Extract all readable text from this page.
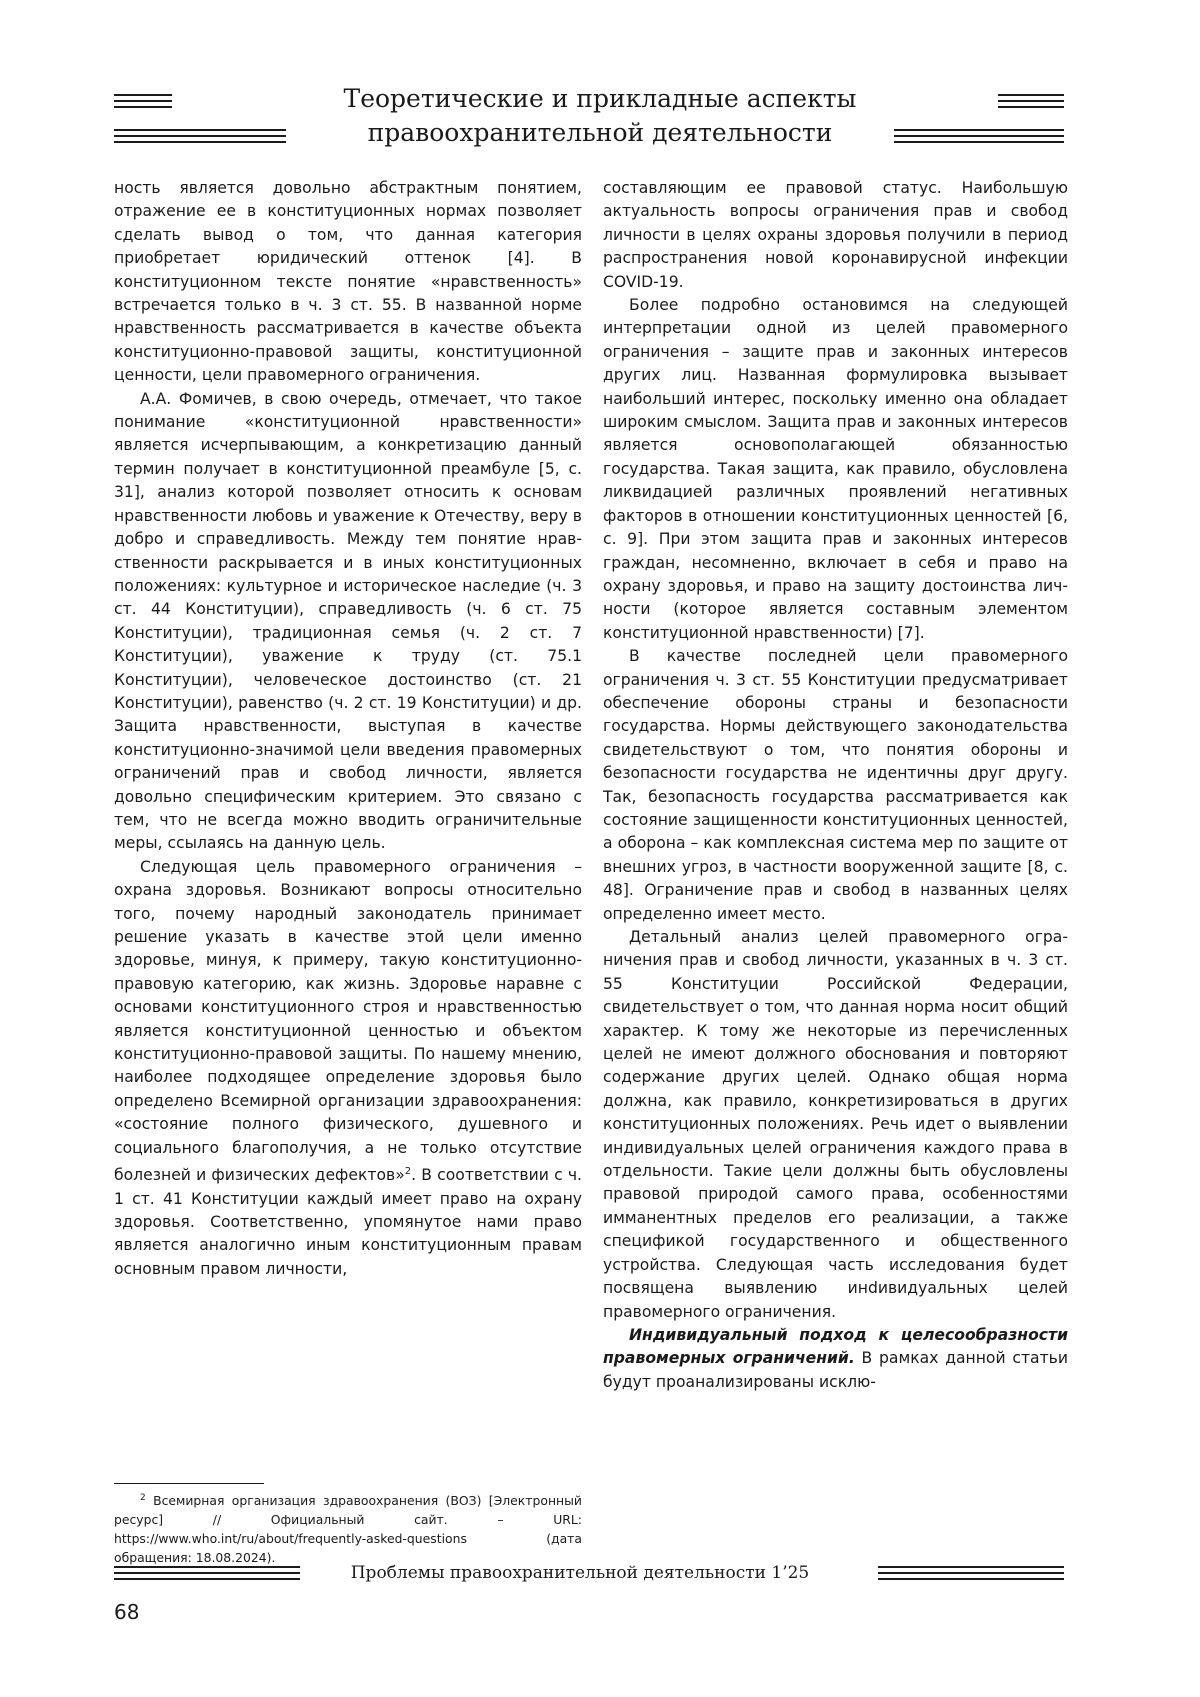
Теоретические и прикладные аспекты
правоохранительной деятельности

ность является довольно абстрактным понятием, отражение ее в конституционных нормах позволяет сделать вывод о том, что данная категория приобретает юридический оттенок [4]. В конституционном тексте понятие «нравственность» встречается только в ч. 3 ст. 55. В названной норме нравственность рассматривается в качестве объекта конституционно-правовой защиты, конституционной ценности, цели правомерного ограничения.

А.А. Фомичев, в свою очередь, отмечает, что такое понимание «конституционной нравственности» является исчерпывающим, а конкретизацию данный термин получает в конституционной преамбуле [5, с. 31], анализ которой позволяет относить к основам нравственности любовь и уважение к Отечеству, веру в добро и справедливость. Между тем понятие нравственности раскрывается и в иных конституционных положениях: культурное и историческое наследие (ч. 3 ст. 44 Конституции), справедливость (ч. 6 ст. 75 Конституции), традиционная семья (ч. 2 ст. 7 Конституции), уважение к труду (ст. 75.1 Конституции), человеческое достоинство (ст. 21 Конституции), равенство (ч. 2 ст. 19 Конституции) и др. Защита нравственности, выступая в качестве конституционно-значимой цели введения правомерных ограничений прав и свобод личности, является довольно специфическим критерием. Это связано с тем, что не всегда можно вводить ограничительные меры, ссылаясь на данную цель.

Следующая цель правомерного ограничения – охрана здоровья. Возникают вопросы относительно того, почему народный законодатель принимает решение указать в качестве этой цели именно здоровье, минуя, к примеру, такую конституционно-правовую категорию, как жизнь. Здоровье наравне с основами конституционного строя и нравственностью является конституционной ценностью и объектом конституционно-правовой защиты. По нашему мнению, наиболее подходящее определение здоровья было определено Всемирной организации здравоохранения: «состояние полного физического, душевного и социального благополучия, а не только отсутствие болезней и физических дефектов»$^2$. В соответствии с ч. 1 ст. 41 Конституции каждый имеет право на охрану здоровья. Соответственно, упомянутое нами право является аналогично иным конституционным правам основным правом личности,

$^2$ Всемирная организация здравоохранения (ВОЗ) [Электронный ресурс] // Официальный сайт. – URL: https://www.who.int/ru/about/frequently-asked-questions (дата обращения: 18.08.2024).

составляющим ее правовой статус. Наибольшую актуальность вопросы ограничения прав и свобод личности в целях охраны здоровья получили в период распространения новой коронавирусной инфекции COVID-19.

Более подробно остановимся на следующей интерпретации одной из целей правомерного ограничения – защите прав и законных интересов других лиц. Названная формулировка вызывает наибольший интерес, поскольку именно она обладает широким смыслом. Защита прав и законных интересов является основополагающей обязанностью государства. Такая защита, как правило, обусловлена ликвидацией различных проявлений негативных факторов в отношении конституционных ценностей [6, с. 9]. При этом защита прав и законных интересов граждан, несомненно, включает в себя и право на охрану здоровья, и право на защиту достоинства личности (которое является составным элементом конституционной нравственности) [7].

В качестве последней цели правомерного ограничения ч. 3 ст. 55 Конституции предусматривает обеспечение обороны страны и безопасности государства. Нормы действующего законодательства свидетельствуют о том, что понятия обороны и безопасности государства не идентичны друг другу. Так, безопасность государства рассматривается как состояние защищенности конституционных ценностей, а оборона – как комплексная система мер по защите от внешних угроз, в частности вооруженной защите [8, с. 48]. Ограничение прав и свобод в названных целях определенно имеет место.

Детальный анализ целей правомерного ограничения прав и свобод личности, указанных в ч. 3 ст. 55 Конституции Российской Федерации, свидетельствует о том, что данная норма носит общий характер. К тому же некоторые из перечисленных целей не имеют должного обоснования и повторяют содержание других целей. Однако общая норма должна, как правило, конкретизироваться в других конституционных положениях. Речь идет о выявлении индивидуальных целей ограничения каждого права в отдельности. Такие цели должны быть обусловлены правовой природой самого права, особенностями имманентных пределов его реализации, а также спецификой государственного и общественного устройства. Следующая часть исследования будет посвящена выявлению инdивидуальных целей правомерного ограничения.

Индивидуальный подход к целесообразности правомерных ограничений. В рамках данной статьи будут проанализированы исклю-

Проблемы правоохранительной деятельности 1’25
68
